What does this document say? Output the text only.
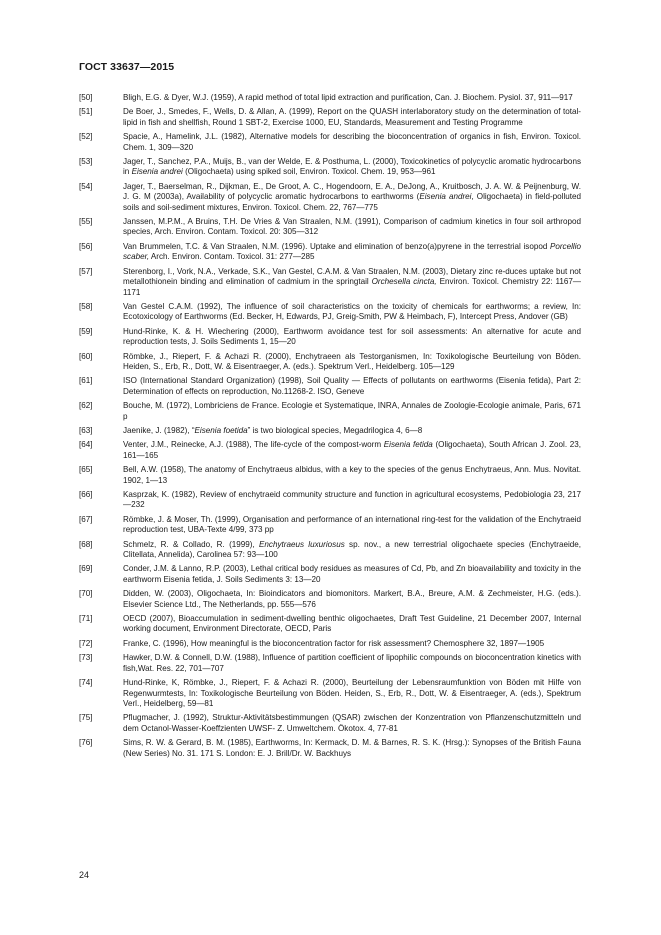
ГОСТ 33637—2015
[50]	Bligh, E.G. & Dyer, W.J. (1959), A rapid method of total lipid extraction and purification, Can. J. Biochem. Pysiol. 37, 911—917
[51]	De Boer, J., Smedes, F., Wells, D. & Allan, A. (1999), Report on the QUASH interlaboratory study on the determination of total-lipid in fish and shellfish, Round 1 SBT-2, Exercise 1000, EU, Standards, Measurement and Testing Programme
[52]	Spacie, A., Hamelink, J.L. (1982), Alternative models for describing the bioconcentration of organics in fish, Environ. Toxicol. Chem. 1, 309—320
[53]	Jager, T., Sanchez, P.A., Muijs, B., van der Welde, E. & Posthuma, L. (2000), Toxicokinetics of polycyclic aromatic hydrocarbons in Eisenia andrei (Oligochaeta) using spiked soil, Environ. Toxicol. Chem. 19, 953—961
[54]	Jager, T., Baerselman, R., Dijkman, E., De Groot, A. C., Hogendoorn, E. A., DeJong, A., Kruitbosch, J. A. W. & Peijnenburg, W. J. G. M (2003a), Availability of polycyclic aromatic hydrocarbons to earthworms (Eisenia andrei, Oligochaeta) in field-polluted soils and soil-sediment mixtures, Environ. Toxicol. Chem. 22, 767—775
[55]	Janssen, M.P.M., A Bruins, T.H. De Vries & Van Straalen, N.M. (1991), Comparison of cadmium kinetics in four soil arthropod species, Arch. Environ. Contam. Toxicol. 20: 305—312
[56]	Van Brummelen, T.C. & Van Straalen, N.M. (1996). Uptake and elimination of benzo(a)pyrene in the terrestrial isopod Porcellio scaber, Arch. Environ. Contam. Toxicol. 31: 277—285
[57]	Sterenborg, I., Vork, N.A., Verkade, S.K., Van Gestel, C.A.M. & Van Straalen, N.M. (2003), Dietary zinc re-duces uptake but not metallothionein binding and elimination of cadmium in the springtail Orchesella cincta, Environ. Toxicol. Chemistry 22: 1167—1171
[58]	Van Gestel C.A.M. (1992), The influence of soil characteristics on the toxicity of chemicals for earthworms; a review, In: Ecotoxicology of Earthworms (Ed. Becker, H, Edwards, PJ, Greig-Smith, PW & Heimbach, F), Intercept Press, Andover (GB)
[59]	Hund-Rinke, K. & H. Wiechering (2000), Earthworm avoidance test for soil assessments: An alternative for acute and reproduction tests, J. Soils Sediments 1, 15—20
[60]	Römbke, J., Riepert, F. & Achazi R. (2000), Enchytraeen als Testorganismen, In: Toxikologische Beurteilung von Böden. Heiden, S., Erb, R., Dott, W. & Eisentraeger, A. (eds.). Spektrum Verl., Heidelberg. 105—129
[61]	ISO (International Standard Organization) (1998), Soil Quality — Effects of pollutants on earthworms (Eisenia fetida), Part 2: Determination of effects on reproduction, No.11268-2. ISO, Geneve
[62]	Bouche, M. (1972), Lombriciens de France. Ecologie et Systematique, INRA, Annales de Zoologie-Ecologie animale, Paris, 671 p
[63]	Jaenike, J. (1982), “Eisenia foetida” is two biological species, Megadrilogica 4, 6—8
[64]	Venter, J.M., Reinecke, A.J. (1988), The life-cycle of the compost-worm Eisenia fetida (Oligochaeta), South African J. Zool. 23, 161—165
[65]	Bell, A.W. (1958), The anatomy of Enchytraeus albidus, with a key to the species of the genus Enchytraeus, Ann. Mus. Novitat. 1902, 1—13
[66]	Kasprzak, K. (1982), Review of enchytraeid community structure and function in agricultural ecosystems, Pedobiologia 23, 217—232
[67]	Römbke, J. & Moser, Th. (1999), Organisation and performance of an international ring-test for the validation of the Enchytraeid reproduction test, UBA-Texte 4/99, 373 pp
[68]	Schmelz, R. & Collado, R. (1999), Enchytraeus luxuriosus sp. nov., a new terrestrial oligochaete species (Enchytraeide, Clitellata, Annelida), Carolinea 57: 93—100
[69]	Conder, J.M. & Lanno, R.P. (2003), Lethal critical body residues as measures of Cd, Pb, and Zn bioavailability and toxicity in the earthworm Eisenia fetida, J. Soils Sediments 3: 13—20
[70]	Didden, W. (2003), Oligochaeta, In: Bioindicators and biomonitors. Markert, B.A., Breure, A.M. & Zechmeister, H.G. (eds.). Elsevier Science Ltd., The Netherlands, pp. 555—576
[71]	OECD (2007), Bioaccumulation in sediment-dwelling benthic oligochaetes, Draft Test Guideline, 21 December 2007, Internal working document, Environment Directorate, OECD, Paris
[72]	Franke, C. (1996), How meaningful is the bioconcentration factor for risk assessment? Chemosphere 32, 1897—1905
[73]	Hawker, D.W. & Connell, D.W. (1988), Influence of partition coefficient of lipophilic compounds on bioconcentration kinetics with fish,Wat. Res. 22, 701—707
[74]	Hund-Rinke, K, Römbke, J., Riepert, F. & Achazi R. (2000), Beurteilung der Lebensraumfunktion von Böden mit Hilfe von Regenwurmtests, In: Toxikologische Beurteilung von Böden. Heiden, S., Erb, R., Dott, W. & Eisentraeger, A. (eds.), Spektrum Verl., Heidelberg, 59—81
[75]	Pflugmacher, J. (1992), Struktur-Aktivitätsbestimmungen (QSAR) zwischen der Konzentration von Pflanzenschutzmitteln und dem Octanol-Wasser-Koeffzienten UWSF- Z. Umweltchem. Ökotox. 4, 77-81
[76]	Sims, R. W. & Gerard, B. M. (1985), Earthworms, In: Kermack, D. M. & Barnes, R. S. K. (Hrsg.): Synopses of the British Fauna (New Series) No. 31. 171 S. London: E. J. Brill/Dr. W. Backhuys
24
